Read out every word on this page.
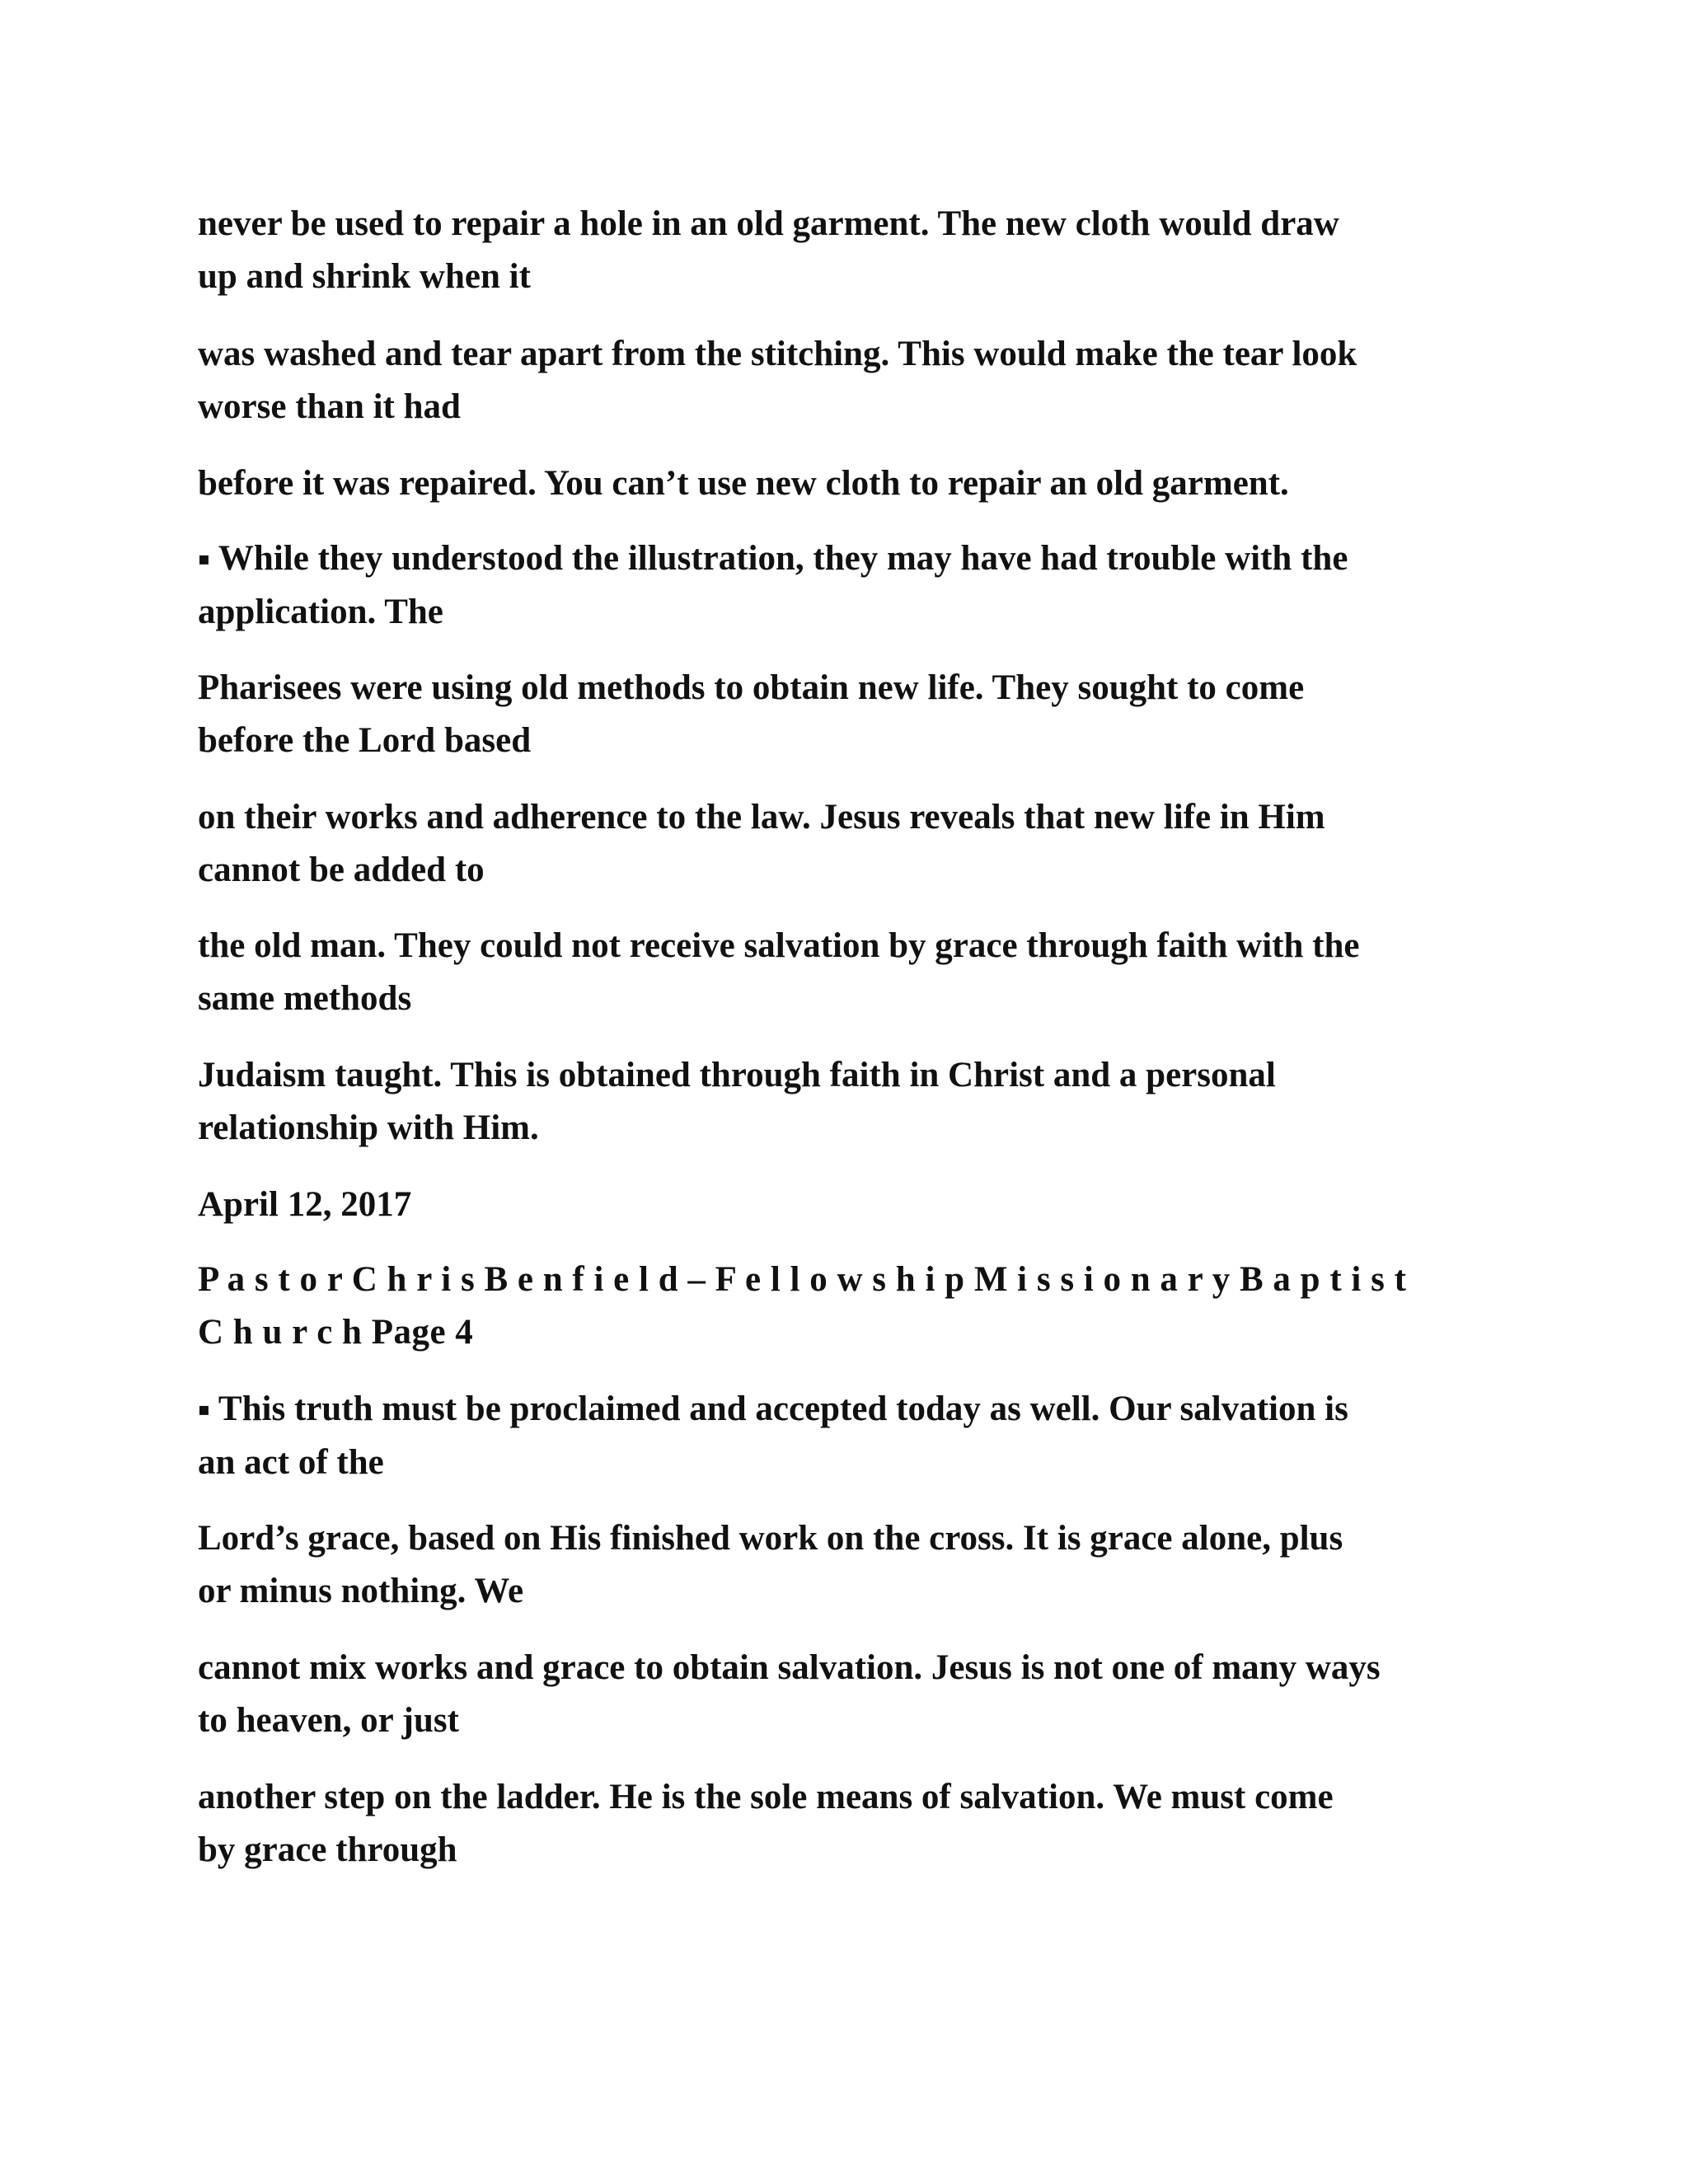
never be used to repair a hole in an old garment. The new cloth would draw
up and shrink when it

was washed and tear apart from the stitching. This would make the tear look
worse than it had

before it was repaired. You can’t use new cloth to repair an old garment.

▪ While they understood the illustration, they may have had trouble with the
application. The

Pharisees were using old methods to obtain new life. They sought to come
before the Lord based

on their works and adherence to the law. Jesus reveals that new life in Him
cannot be added to

the old man. They could not receive salvation by grace through faith with the
same methods

Judaism taught. This is obtained through faith in Christ and a personal
relationship with Him.

April 12, 2017

P a s t o r C h r i s B e n f i e l d – F e l l o w s h i p M i s s i o n a r y B a p t i s t
C h u r c h Page 4

▪ This truth must be proclaimed and accepted today as well. Our salvation is
an act of the

Lord’s grace, based on His finished work on the cross. It is grace alone, plus
or minus nothing. We

cannot mix works and grace to obtain salvation. Jesus is not one of many ways
to heaven, or just

another step on the ladder. He is the sole means of salvation. We must come
by grace through
